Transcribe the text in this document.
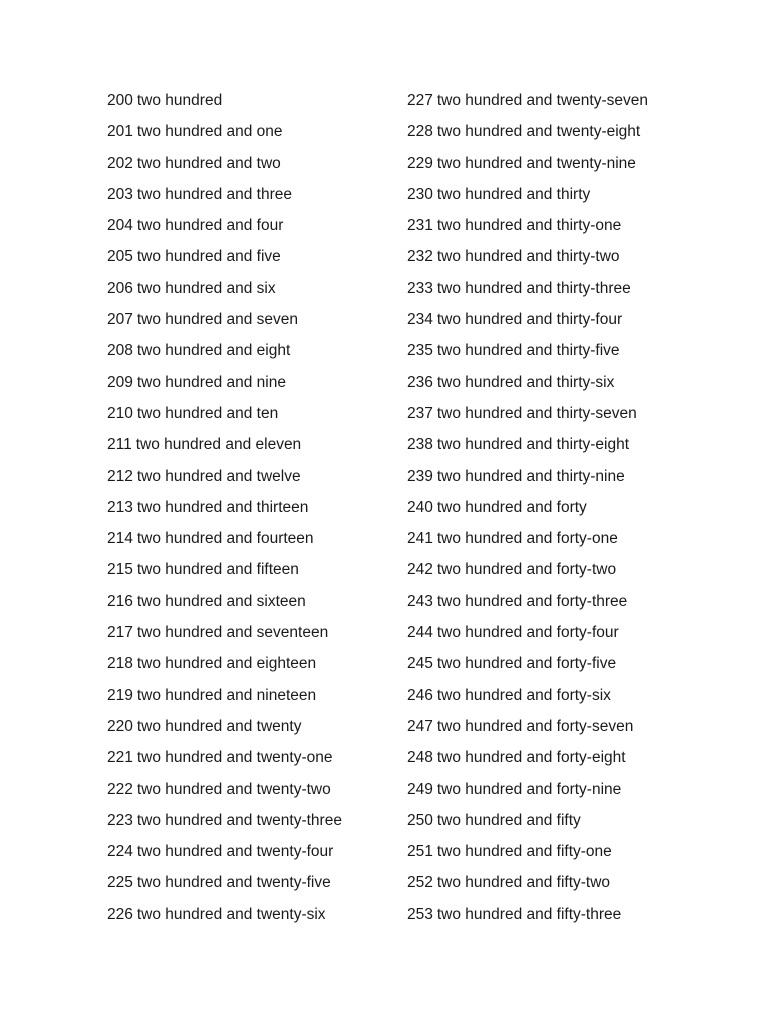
200 two hundred
201 two hundred and one
202 two hundred and two
203 two hundred and three
204 two hundred and four
205 two hundred and five
206 two hundred and six
207 two hundred and seven
208 two hundred and eight
209 two hundred and nine
210 two hundred and ten
211 two hundred and eleven
212 two hundred and twelve
213 two hundred and thirteen
214 two hundred and fourteen
215 two hundred and fifteen
216 two hundred and sixteen
217 two hundred and seventeen
218 two hundred and eighteen
219 two hundred and nineteen
220 two hundred and twenty
221 two hundred and twenty-one
222 two hundred and twenty-two
223 two hundred and twenty-three
224 two hundred and twenty-four
225 two hundred and twenty-five
226 two hundred and twenty-six
227 two hundred and twenty-seven
228 two hundred and twenty-eight
229 two hundred and twenty-nine
230 two hundred and thirty
231 two hundred and thirty-one
232 two hundred and thirty-two
233 two hundred and thirty-three
234 two hundred and thirty-four
235 two hundred and thirty-five
236 two hundred and thirty-six
237 two hundred and thirty-seven
238 two hundred and thirty-eight
239 two hundred and thirty-nine
240 two hundred and forty
241 two hundred and forty-one
242 two hundred and forty-two
243 two hundred and forty-three
244 two hundred and forty-four
245 two hundred and forty-five
246 two hundred and forty-six
247 two hundred and forty-seven
248 two hundred and forty-eight
249 two hundred and forty-nine
250 two hundred and fifty
251 two hundred and fifty-one
252 two hundred and fifty-two
253 two hundred and fifty-three
